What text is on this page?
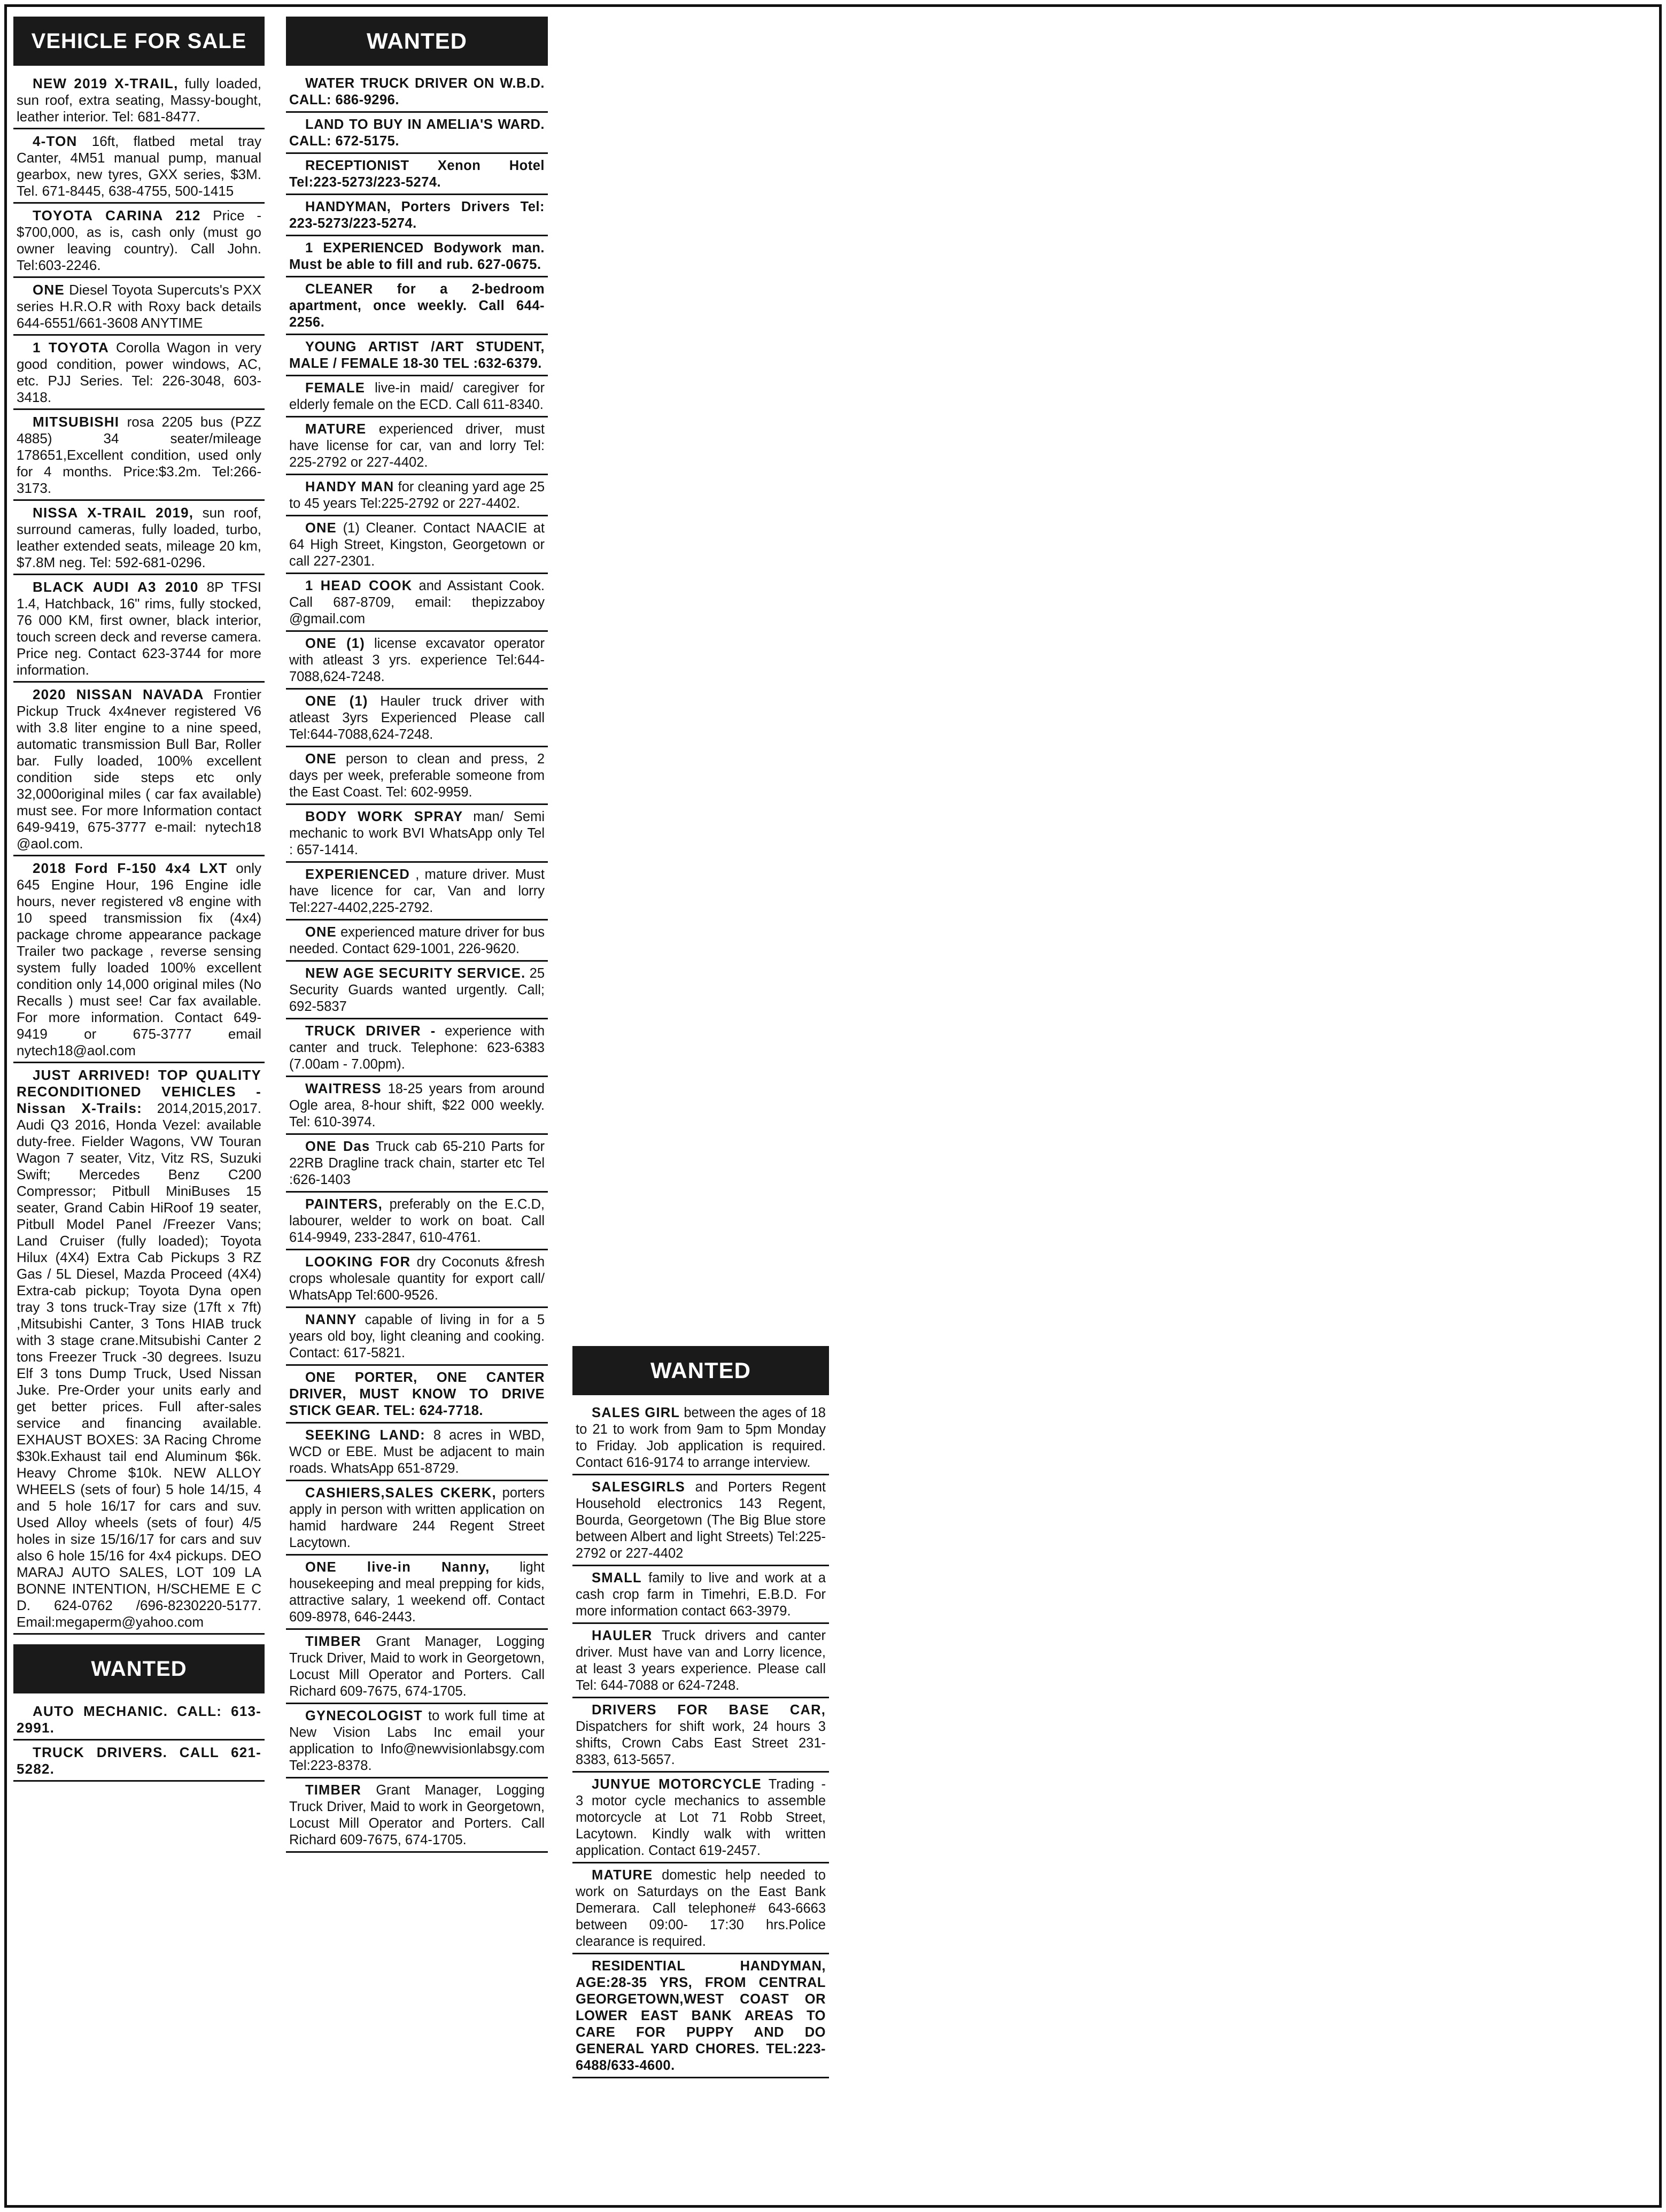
VEHICLE FOR SALE
NEW 2019 X-TRAIL, fully loaded, sun roof, extra seating, Massy-bought, leather interior. Tel: 681-8477.
4-TON 16ft, flatbed metal tray Canter, 4M51 manual pump, manual gearbox, new tyres, GXX series, $3M. Tel. 671-8445, 638-4755, 500-1415
TOYOTA CARINA 212 Price - $700,000, as is, cash only (must go owner leaving country). Call John. Tel:603-2246.
ONE Diesel Toyota Supercuts's PXX series H.R.O.R with Roxy back details 644-6551/661-3608 ANYTIME
1 TOYOTA Corolla Wagon in very good condition, power windows, AC, etc. PJJ Series. Tel: 226-3048, 603-3418.
MITSUBISHI rosa 2205 bus (PZZ 4885) 34 seater/mileage 178651,Excellent condition, used only for 4 months. Price:$3.2m. Tel:266-3173.
NISSA X-TRAIL 2019, sun roof, surround cameras, fully loaded, turbo, leather extended seats, mileage 20 km, $7.8M neg. Tel: 592-681-0296.
BLACK AUDI A3 2010 8P TFSI 1.4, Hatchback, 16" rims, fully stocked, 76 000 KM, first owner, black interior, touch screen deck and reverse camera. Price neg. Contact 623-3744 for more information.
2020 NISSAN NAVADA Frontier Pickup Truck 4x4never registered V6 with 3.8 liter engine to a nine speed, automatic transmission Bull Bar, Roller bar. Fully loaded, 100% excellent condition side steps etc only 32,000original miles ( car fax available) must see. For more Information contact 649-9419, 675-3777 e-mail: nytech18 @aol.com.
2018 Ford F-150 4x4 LXT only 645 Engine Hour, 196 Engine idle hours, never registered v8 engine with 10 speed transmission fix (4x4) package chrome appearance package Trailer two package , reverse sensing system fully loaded 100% excellent condition only 14,000 original miles (No Recalls ) must see! Car fax available. For more information. Contact 649-9419 or 675-3777 email nytech18@aol.com
JUST ARRIVED! TOP QUALITY RECONDITIONED VEHICLES - Nissan X-Trails: 2014,2015,2017. Audi Q3 2016, Honda Vezel: available duty-free. Fielder Wagons, VW Touran Wagon 7 seater, Vitz, Vitz RS, Suzuki Swift; Mercedes Benz C200 Compressor; Pitbull MiniBuses 15 seater, Grand Cabin HiRoof 19 seater, Pitbull Model Panel /Freezer Vans; Land Cruiser (fully loaded); Toyota Hilux (4X4) Extra Cab Pickups 3 RZ Gas / 5L Diesel, Mazda Proceed (4X4) Extra-cab pickup; Toyota Dyna open tray 3 tons truck-Tray size (17ft x 7ft) ,Mitsubishi Canter, 3 Tons HIAB truck with 3 stage crane.Mitsubishi Canter 2 tons Freezer Truck -30 degrees. Isuzu Elf 3 tons Dump Truck, Used Nissan Juke. Pre-Order your units early and get better prices. Full after-sales service and financing available. EXHAUST BOXES: 3A Racing Chrome $30k.Exhaust tail end Aluminum $6k. Heavy Chrome $10k. NEW ALLOY WHEELS (sets of four) 5 hole 14/15, 4 and 5 hole 16/17 for cars and suv. Used Alloy wheels (sets of four) 4/5 holes in size 15/16/17 for cars and suv also 6 hole 15/16 for 4x4 pickups. DEO MARAJ AUTO SALES, LOT 109 LA BONNE INTENTION, H/SCHEME E C D. 624-0762 /696-8230220-5177. Email:megaperm@yahoo.com
WANTED
AUTO MECHANIC. CALL: 613-2991.
TRUCK DRIVERS. CALL 621-5282.
WANTED
WATER TRUCK DRIVER ON W.B.D. CALL: 686-9296.
LAND TO BUY IN AMELIA'S WARD. CALL: 672-5175.
RECEPTIONIST Xenon Hotel Tel:223-5273/223-5274.
HANDYMAN, Porters Drivers Tel: 223-5273/223-5274.
1 EXPERIENCED Bodywork man. Must be able to fill and rub. 627-0675.
CLEANER for a 2-bedroom apartment, once weekly. Call 644-2256.
YOUNG ARTIST /ART STUDENT, MALE / FEMALE 18-30 TEL :632-6379.
FEMALE live-in maid/ caregiver for elderly female on the ECD. Call 611-8340.
MATURE experienced driver, must have license for car, van and lorry Tel: 225-2792 or 227-4402.
HANDY MAN for cleaning yard age 25 to 45 years Tel:225-2792 or 227-4402.
ONE (1) Cleaner. Contact NAACIE at 64 High Street, Kingston, Georgetown or call 227-2301.
1 HEAD COOK and Assistant Cook. Call 687-8709, email: thepizzaboy @gmail.com
ONE (1) license excavator operator with atleast 3 yrs. experience Tel:644-7088,624-7248.
ONE (1) Hauler truck driver with atleast 3yrs Experienced Please call Tel:644-7088,624-7248.
ONE person to clean and press, 2 days per week, preferable someone from the East Coast. Tel: 602-9959.
BODY WORK SPRAY man/ Semi mechanic to work BVI WhatsApp only Tel : 657-1414.
EXPERIENCED , mature driver. Must have licence for car, Van and lorry Tel:227-4402,225-2792.
ONE experienced mature driver for bus needed. Contact 629-1001, 226-9620.
NEW AGE SECURITY SERVICE. 25 Security Guards wanted urgently. Call; 692-5837
TRUCK DRIVER - experience with canter and truck. Telephone: 623-6383 (7.00am - 7.00pm).
WAITRESS 18-25 years from around Ogle area, 8-hour shift, $22 000 weekly. Tel: 610-3974.
ONE Das Truck cab 65-210 Parts for 22RB Dragline track chain, starter etc Tel :626-1403
PAINTERS, preferably on the E.C.D, labourer, welder to work on boat. Call 614-9949, 233-2847, 610-4761.
LOOKING FOR dry Coconuts &fresh crops wholesale quantity for export call/ WhatsApp Tel:600-9526.
NANNY capable of living in for a 5 years old boy, light cleaning and cooking. Contact: 617-5821.
ONE PORTER, ONE CANTER DRIVER, MUST KNOW TO DRIVE STICK GEAR. TEL: 624-7718.
SEEKING LAND: 8 acres in WBD, WCD or EBE. Must be adjacent to main roads. WhatsApp 651-8729.
CASHIERS,SALES CKERK, porters apply in person with written application on hamid hardware 244 Regent Street Lacytown.
ONE live-in Nanny, light housekeeping and meal prepping for kids, attractive salary, 1 weekend off. Contact 609-8978, 646-2443.
TIMBER Grant Manager, Logging Truck Driver, Maid to work in Georgetown, Locust Mill Operator and Porters. Call Richard 609-7675, 674-1705.
GYNECOLOGIST to work full time at New Vision Labs Inc email your application to Info@newvisionlabsgy.com Tel:223-8378.
TIMBER Grant Manager, Logging Truck Driver, Maid to work in Georgetown, Locust Mill Operator and Porters. Call Richard 609-7675, 674-1705.
WANTED
SALES GIRL between the ages of 18 to 21 to work from 9am to 5pm Monday to Friday. Job application is required. Contact 616-9174 to arrange interview.
SALESGIRLS and Porters Regent Household electronics 143 Regent, Bourda, Georgetown (The Big Blue store between Albert and light Streets) Tel:225-2792 or 227-4402
SMALL family to live and work at a cash crop farm in Timehri, E.B.D. For more information contact 663-3979.
HAULER Truck drivers and canter driver. Must have van and Lorry licence, at least 3 years experience. Please call Tel: 644-7088 or 624-7248.
DRIVERS FOR BASE CAR, Dispatchers for shift work, 24 hours 3 shifts, Crown Cabs East Street 231-8383, 613-5657.
JUNYUE MOTORCYCLE Trading - 3 motor cycle mechanics to assemble motorcycle at Lot 71 Robb Street, Lacytown. Kindly walk with written application. Contact 619-2457.
MATURE domestic help needed to work on Saturdays on the East Bank Demerara. Call telephone# 643-6663 between 09:00- 17:30 hrs.Police clearance is required.
RESIDENTIAL HANDYMAN, AGE:28-35 YRS, FROM CENTRAL GEORGETOWN,WEST COAST OR LOWER EAST BANK AREAS TO CARE FOR PUPPY AND DO GENERAL YARD CHORES. TEL:223-6488/633-4600.
